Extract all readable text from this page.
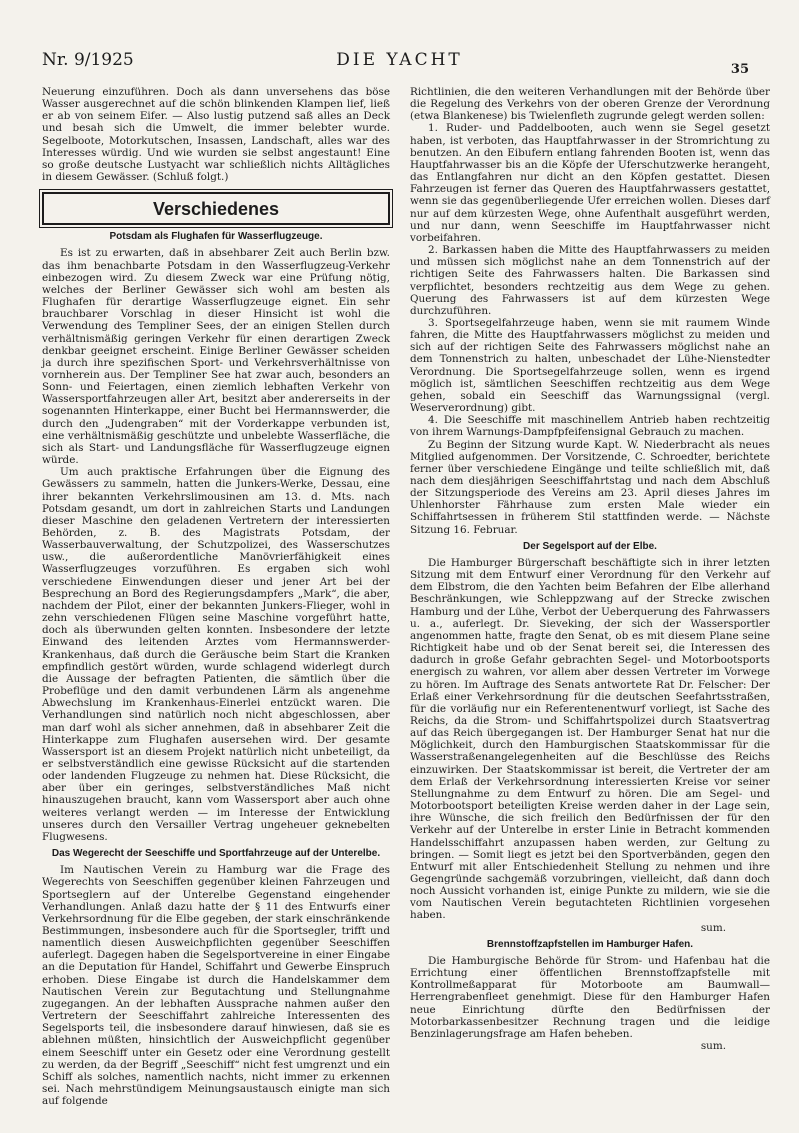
Nr. 9/1925	DIE YACHT	35

Neuerung einzuführen. Doch als dann unversehens das böse Wasser ausgerechnet auf die schön blinkenden Klampen lief, ließ er ab von seinem Eifer. — Also lustig putzend saß alles an Deck und besah sich die Umwelt, die immer belebter wurde. Segelboote, Motorkutschen, Insassen, Landschaft, alles war des Interesses würdig. Und wie wurden sie selbst angestaunt! Eine so große deutsche Lustyacht war schließlich nichts Alltägliches in diesem Gewässer. (Schluß folgt.)

Verschiedenes
Potsdam als Flughafen für Wasserflugzeuge.

Es ist zu erwarten, daß in absehbarer Zeit auch Berlin bzw. das ihm benachbarte Potsdam in den Wasserflugzeug-Verkehr einbezogen wird. Zu diesem Zweck war eine Prüfung nötig, welches der Berliner Gewässer sich wohl am besten als Flughafen für derartige Wasserflugzeuge eignet. Ein sehr brauchbarer Vorschlag in dieser Hinsicht ist wohl die Verwendung des Templiner Sees, der an einigen Stellen durch verhältnismäßig geringen Verkehr für einen derartigen Zweck denkbar geeignet erscheint. Einige Berliner Gewässer scheiden ja durch ihre spezifischen Sport- und Verkehrsverhältnisse von vornherein aus. Der Templiner See hat zwar auch, besonders an Sonn- und Feiertagen, einen ziemlich lebhaften Verkehr von Wassersportfahrzeugen aller Art, besitzt aber andererseits in der sogenannten Hinterkappe, einer Bucht bei Hermannswerder, die durch den „Judengraben“ mit der Vorderkappe verbunden ist, eine verhältnismäßig geschützte und unbelebte Wasserfläche, die sich als Start- und Landungsfläche für Wasserflugzeuge eignen würde.

Um auch praktische Erfahrungen über die Eignung des Gewässers zu sammeln, hatten die Junkers-Werke, Dessau, eine ihrer bekannten Verkehrslimousinen am 13. d. Mts. nach Potsdam gesandt, um dort in zahlreichen Starts und Landungen dieser Maschine den geladenen Vertretern der interessierten Behörden, z. B. des Magistrats Potsdam, der Wasserbauverwaltung, der Schutzpolizei, des Wasserschutzes usw., die außerordentliche Manövrierfähigkeit eines Wasserflugzeuges vorzuführen. Es ergaben sich wohl verschiedene Einwendungen dieser und jener Art bei der Besprechung an Bord des Regierungsdampfers „Mark“, die aber, nachdem der Pilot, einer der bekannten Junkers-Flieger, wohl in zehn verschiedenen Flügen seine Maschine vorgeführt hatte, doch als überwunden gelten konnten. Insbesondere der letzte Einwand des leitenden Arztes vom Hermannswerder-Krankenhaus, daß durch die Geräusche beim Start die Kranken empfindlich gestört würden, wurde schlagend widerlegt durch die Aussage der befragten Patienten, die sämtlich über die Probeflüge und den damit verbundenen Lärm als angenehme Abwechslung im Krankenhaus-Einerlei entzückt waren. Die Verhandlungen sind natürlich noch nicht abgeschlossen, aber man darf wohl als sicher annehmen, daß in absehbarer Zeit die Hinterkappe zum Flughafen ausersehen wird. Der gesamte Wassersport ist an diesem Projekt natürlich nicht unbeteiligt, da er selbstverständlich eine gewisse Rücksicht auf die startenden oder landenden Flugzeuge zu nehmen hat. Diese Rücksicht, die aber über ein geringes, selbstverständliches Maß nicht hinauszugehen braucht, kann vom Wassersport aber auch ohne weiteres verlangt werden — im Interesse der Entwicklung unseres durch den Versailler Vertrag ungeheuer geknebelten Flugwesens.

Das Wegerecht der Seeschiffe und Sportfahrzeuge auf der Unterelbe.

Im Nautischen Verein zu Hamburg war die Frage des Wegerechts von Seeschiffen gegenüber kleinen Fahrzeugen und Sportseglern auf der Unterelbe Gegenstand eingehender Verhandlungen. Anlaß dazu hatte der § 11 des Entwurfs einer Verkehrsordnung für die Elbe gegeben, der stark einschränkende Bestimmungen, insbesondere auch für die Sportsegler, trifft und namentlich diesen Ausweichpflichten gegenüber Seeschiffen auferlegt. Dagegen haben die Segelsportvereine in einer Eingabe an die Deputation für Handel, Schiffahrt und Gewerbe Einspruch erhoben. Diese Eingabe ist durch die Handelskammer dem Nautischen Verein zur Begutachtung und Stellungnahme zugegangen. An der lebhaften Aussprache nahmen außer den Vertretern der Seeschiffahrt zahlreiche Interessenten des Segelsports teil, die insbesondere darauf hinwiesen, daß sie es ablehnen müßten, hinsichtlich der Ausweichpflicht gegenüber einem Seeschiff unter ein Gesetz oder eine Verordnung gestellt zu werden, da der Begriff „Seeschiff“ nicht fest umgrenzt und ein Schiff als solches, namentlich nachts, nicht immer zu erkennen sei. Nach mehrstündigem Meinungsaustausch einigte man sich auf folgende

Richtlinien, die den weiteren Verhandlungen mit der Behörde über die Regelung des Verkehrs von der oberen Grenze der Verordnung (etwa Blankenese) bis Twielenfleth zugrunde gelegt werden sollen:

1. Ruder- und Paddelbooten, auch wenn sie Segel gesetzt haben, ist verboten, das Hauptfahrwasser in der Stromrichtung zu benutzen. An den Eibufern entlang fahrenden Booten ist, wenn das Hauptfahrwasser bis an die Köpfe der Uferschutzwerke herangeht, das Entlangfahren nur dicht an den Köpfen gestattet. Diesen Fahrzeugen ist ferner das Queren des Hauptfahrwassers gestattet, wenn sie das gegenüberliegende Ufer erreichen wollen. Dieses darf nur auf dem kürzesten Wege, ohne Aufenthalt ausgeführt werden, und nur dann, wenn Seeschiffe im Hauptfahrwasser nicht vorbeifahren.

2. Barkassen haben die Mitte des Hauptfahrwassers zu meiden und müssen sich möglichst nahe an dem Tonnenstrich auf der richtigen Seite des Fahrwassers halten. Die Barkassen sind verpflichtet, besonders rechtzeitig aus dem Wege zu gehen. Querung des Fahrwassers ist auf dem kürzesten Wege durchzuführen.

3. Sportsegelfahrzeuge haben, wenn sie mit raumem Winde fahren, die Mitte des Hauptfahrwassers möglichst zu meiden und sich auf der richtigen Seite des Fahrwassers möglichst nahe an dem Tonnenstrich zu halten, unbeschadet der Lühe-Nienstedter Verordnung. Die Sportsegelfahrzeuge sollen, wenn es irgend möglich ist, sämtlichen Seeschiffen rechtzeitig aus dem Wege gehen, sobald ein Seeschiff das Warnungssignal (vergl. Weserverordnung) gibt.

4. Die Seeschiffe mit maschinellem Antrieb haben rechtzeitig von ihrem Warnungs-Dampfpfeifensignal Gebrauch zu machen.

Zu Beginn der Sitzung wurde Kapt. W. Niederbracht als neues Mitglied aufgenommen. Der Vorsitzende, C. Schroedter, berichtete ferner über verschiedene Eingänge und teilte schließlich mit, daß nach dem diesjährigen Seeschiffahrtstag und nach dem Abschluß der Sitzungsperiode des Vereins am 23. April dieses Jahres im Uhlenhorster Fährhause zum ersten Male wieder ein Schiffahrtsessen in früherem Stil stattfinden werde. — Nächste Sitzung 16. Februar.

Der Segelsport auf der Elbe.

Die Hamburger Bürgerschaft beschäftigte sich in ihrer letzten Sitzung mit dem Entwurf einer Verordnung für den Verkehr auf dem Elbstrom, die den Yachten beim Befahren der Elbe allerhand Beschränkungen, wie Schleppzwang auf der Strecke zwischen Hamburg und der Lühe, Verbot der Ueberquerung des Fahrwassers u. a., auferlegt. Dr. Sieveking, der sich der Wassersportler angenommen hatte, fragte den Senat, ob es mit diesem Plane seine Richtigkeit habe und ob der Senat bereit sei, die Interessen des dadurch in große Gefahr gebrachten Segel- und Motorbootsports energisch zu wahren, vor allem aber dessen Vertreter im Vorwege zu hören. Im Auftrage des Senats antwortete Rat Dr. Felscher: Der Erlaß einer Verkehrsordnung für die deutschen Seefahrtsstraßen, für die vorläufig nur ein Referentenentwurf vorliegt, ist Sache des Reichs, da die Strom- und Schiffahrtspolizei durch Staatsvertrag auf das Reich übergegangen ist. Der Hamburger Senat hat nur die Möglichkeit, durch den Hamburgischen Staatskommissar für die Wasserstraßenangelegenheiten auf die Beschlüsse des Reichs einzuwirken. Der Staatskommissar ist bereit, die Vertreter der am dem Erlaß der Verkehrsordnung interessierten Kreise vor seiner Stellungnahme zu dem Entwurf zu hören. Die am Segel- und Motorbootsport beteiligten Kreise werden daher in der Lage sein, ihre Wünsche, die sich freilich den Bedürfnissen der für den Verkehr auf der Unterelbe in erster Linie in Betracht kommenden Handelsschiffahrt anzupassen haben werden, zur Geltung zu bringen. — Somit liegt es jetzt bei den Sportverbänden, gegen den Entwurf mit aller Entschiedenheit Stellung zu nehmen und ihre Gegengründe sachgemäß vorzubringen, vielleicht, daß dann doch noch Aussicht vorhanden ist, einige Punkte zu mildern, wie sie die vom Nautischen Verein begutachteten Richtlinien vorgesehen haben.

sum.
Brennstoffzapfstellen im Hamburger Hafen.

Die Hamburgische Behörde für Strom- und Hafenbau hat die Errichtung einer öffentlichen Brennstoffzapfstelle mit Kontrollmeßapparat für Motorboote am Baumwall—Herrengrabenfleet genehmigt. Diese für den Hamburger Hafen neue Einrichtung dürfte den Bedürfnissen der Motorbarkassenbesitzer Rechnung tragen und die leidige Benzinlagerungsfrage am Hafen beheben.

sum.
